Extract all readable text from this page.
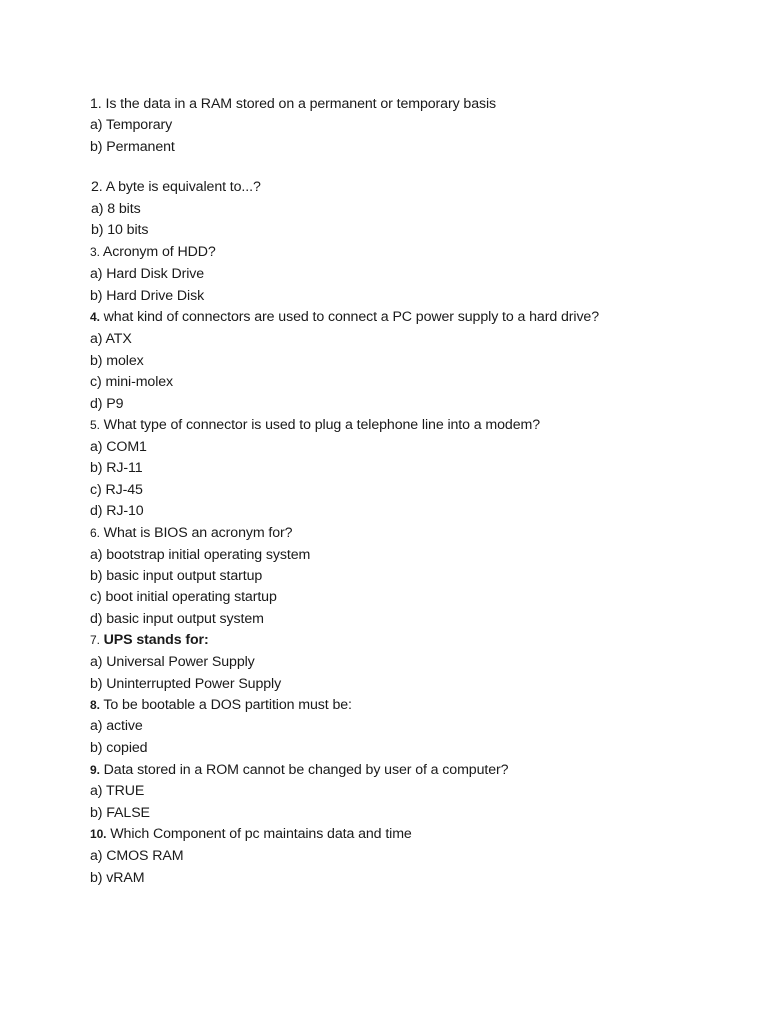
1. Is the data in a RAM stored on a permanent or temporary basis
a) Temporary
b) Permanent
2. A byte is equivalent to...?
a) 8 bits
b) 10 bits
3. Acronym of HDD?
a) Hard Disk Drive
b) Hard Drive Disk
4. what kind of connectors are used to connect a PC power supply to a hard drive?
a) ATX
b) molex
c) mini-molex
d) P9
5. What type of connector is used to plug a telephone line into a modem?
a) COM1
b) RJ-11
c) RJ-45
d) RJ-10
6. What is BIOS an acronym for?
a) bootstrap initial operating system
b) basic input output startup
c) boot initial operating startup
d) basic input output system
7. UPS stands for:
a) Universal Power Supply
b) Uninterrupted Power Supply
8. To be bootable a DOS partition must be:
a) active
b) copied
9. Data stored in a ROM cannot be changed by user of a computer?
a) TRUE
b) FALSE
10. Which Component of pc maintains data and time
a) CMOS RAM
b) vRAM
